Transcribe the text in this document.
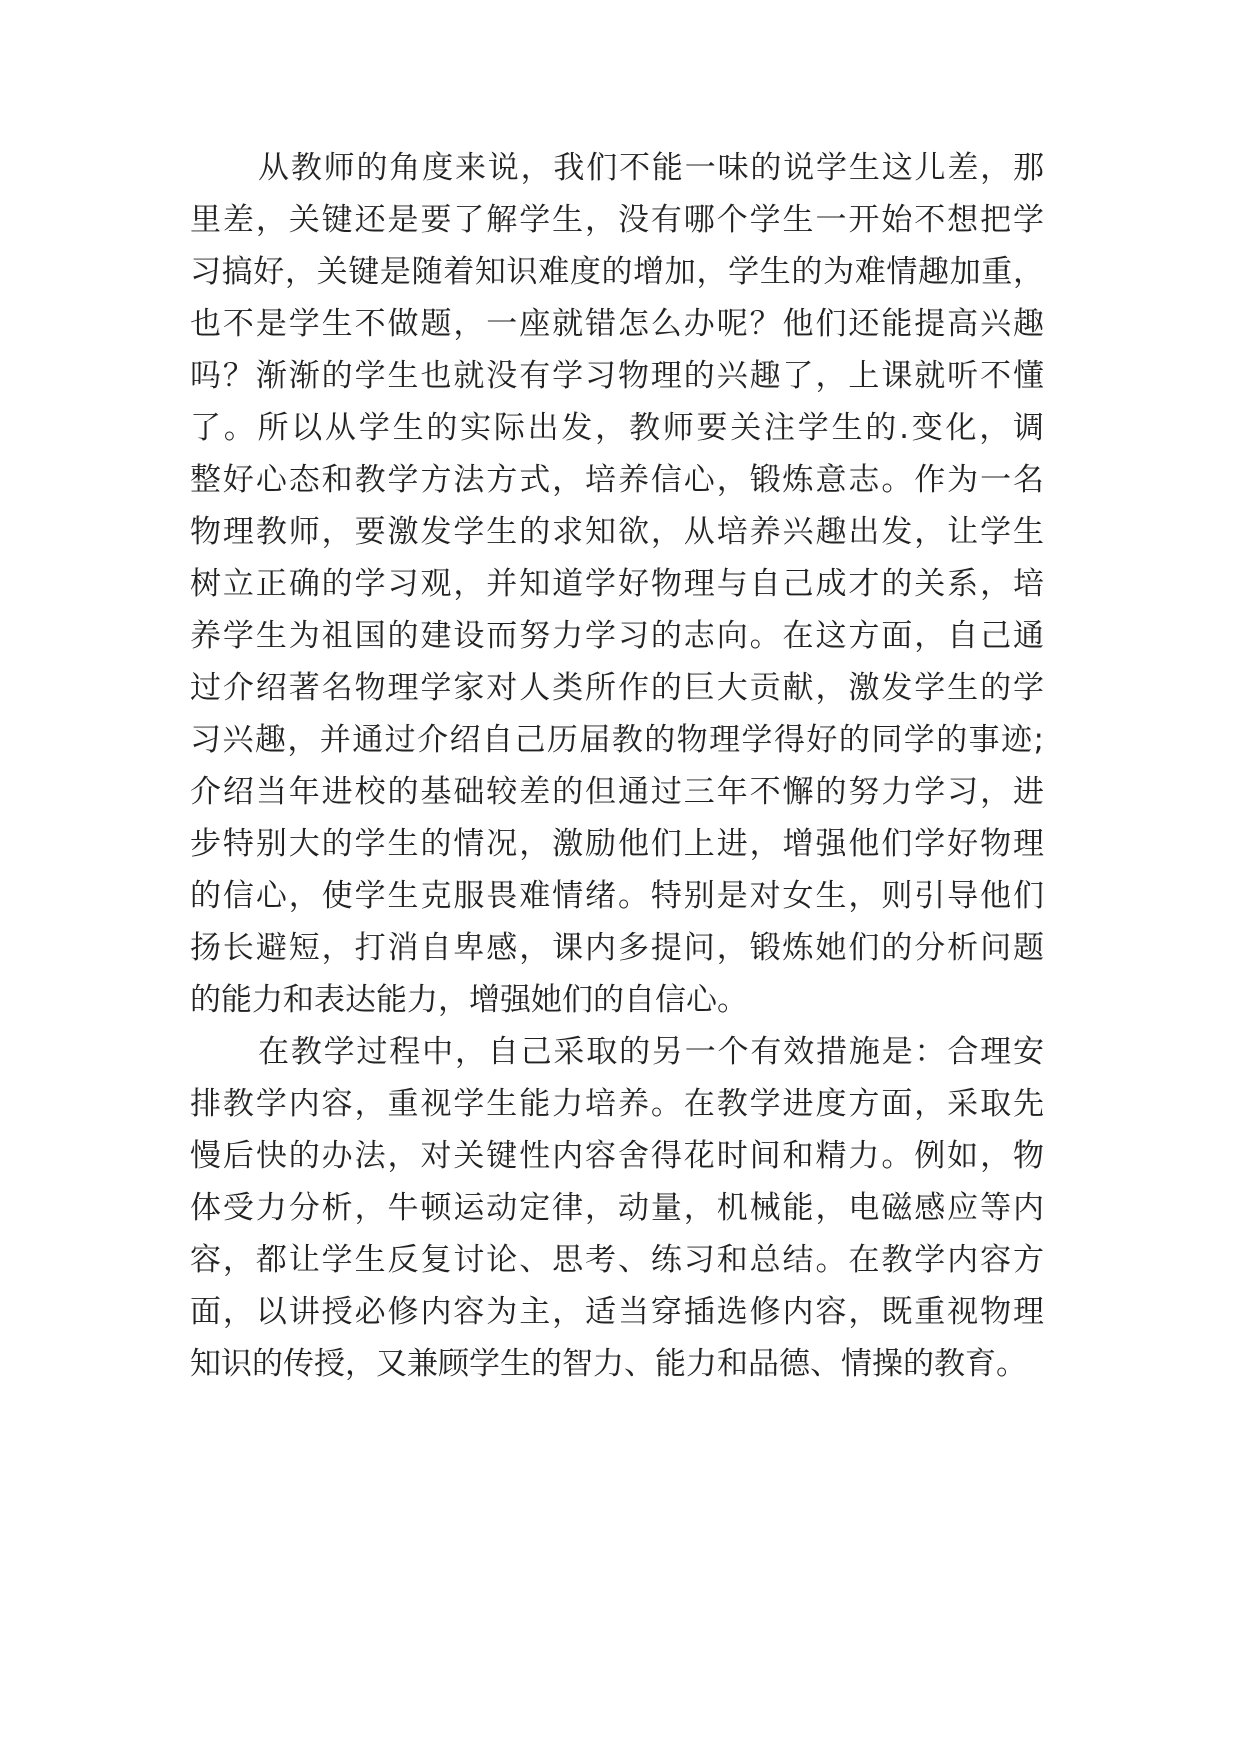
从教师的角度来说，我们不能一味的说学生这儿差，那
里差，关键还是要了解学生，没有哪个学生一开始不想把学
习搞好，关键是随着知识难度的增加，学生的为难情趣加重，
也不是学生不做题，一座就错怎么办呢？他们还能提高兴趣
吗？渐渐的学生也就没有学习物理的兴趣了，上课就听不懂
了。所以从学生的实际出发，教师要关注学生的.变化，调
整好心态和教学方法方式，培养信心，锻炼意志。作为一名
物理教师，要激发学生的求知欲，从培养兴趣出发，让学生
树立正确的学习观，并知道学好物理与自己成才的关系，培
养学生为祖国的建设而努力学习的志向。在这方面，自己通
过介绍著名物理学家对人类所作的巨大贡献，激发学生的学
习兴趣，并通过介绍自己历届教的物理学得好的同学的事迹;
介绍当年进校的基础较差的但通过三年不懈的努力学习，进
步特别大的学生的情况，激励他们上进，增强他们学好物理
的信心，使学生克服畏难情绪。特别是对女生，则引导他们
扬长避短，打消自卑感，课内多提问，锻炼她们的分析问题
的能力和表达能力，增强她们的自信心。
在教学过程中，自己采取的另一个有效措施是：合理安
排教学内容，重视学生能力培养。在教学进度方面，采取先
慢后快的办法，对关键性内容舍得花时间和精力。例如，物
体受力分析，牛顿运动定律，动量，机械能，电磁感应等内
容，都让学生反复讨论、思考、练习和总结。在教学内容方
面，以讲授必修内容为主，适当穿插选修内容，既重视物理
知识的传授，又兼顾学生的智力、能力和品德、情操的教育。
